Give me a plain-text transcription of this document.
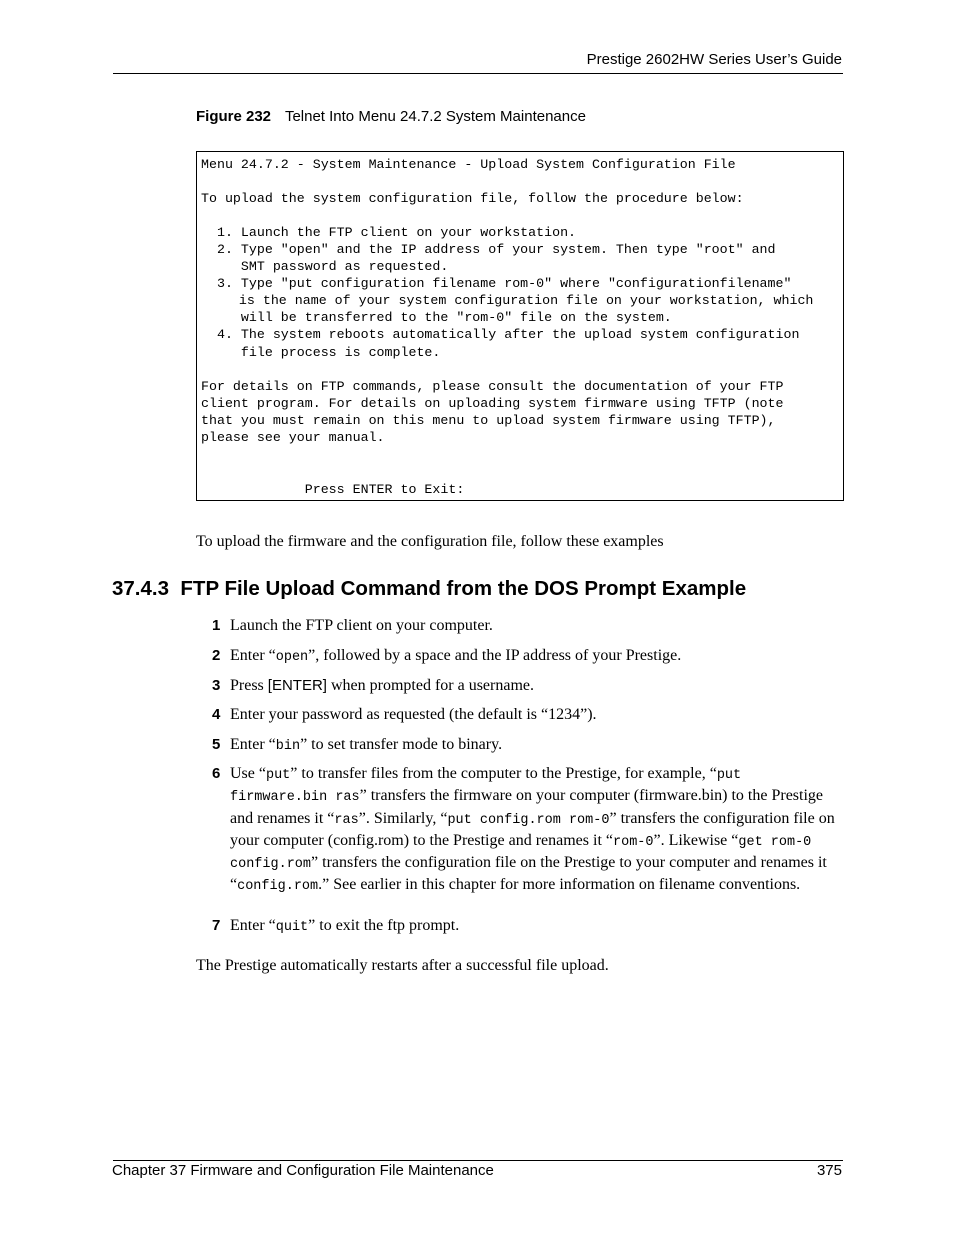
Prestige 2602HW Series User’s Guide
Figure 232 Telnet Into Menu 24.7.2 System Maintenance
Menu 24.7.2 - System Maintenance - Upload System Configuration File
To upload the system configuration file, follow the procedure below:
1. Launch the FTP client on your workstation.
2. Type "open" and the IP address of your system. Then type "root" and
SMT password as requested.
3. Type "put configuration filename rom-0" where "configurationfilename"
is the name of your system configuration file on your workstation, which
will be transferred to the "rom-0" file on the system.
4. The system reboots automatically after the upload system configuration
file process is complete.
For details on FTP commands, please consult the documentation of your FTP
client program. For details on uploading system firmware using TFTP (note
that you must remain on this menu to upload system firmware using TFTP),
please see your manual.
Press ENTER to Exit:
To upload the firmware and the configuration file, follow these examples
37.4.3 FTP File Upload Command from the DOS Prompt Example
1 Launch the FTP client on your computer.
2 Enter “open”, followed by a space and the IP address of your Prestige.
3 Press [ENTER] when prompted for a username.
4 Enter your password as requested (the default is “1234”).
5 Enter “bin” to set transfer mode to binary.
6 Use “put” to transfer files from the computer to the Prestige, for example, “put firmware.bin ras” transfers the firmware on your computer (firmware.bin) to the Prestige and renames it “ras”. Similarly, “put config.rom rom-0” transfers the configuration file on your computer (config.rom) to the Prestige and renames it “rom-0”. Likewise “get rom-0 config.rom” transfers the configuration file on the Prestige to your computer and renames it “config.rom.” See earlier in this chapter for more information on filename conventions.
7 Enter “quit” to exit the ftp prompt.
The Prestige automatically restarts after a successful file upload.
Chapter 37 Firmware and Configuration File Maintenance	375
